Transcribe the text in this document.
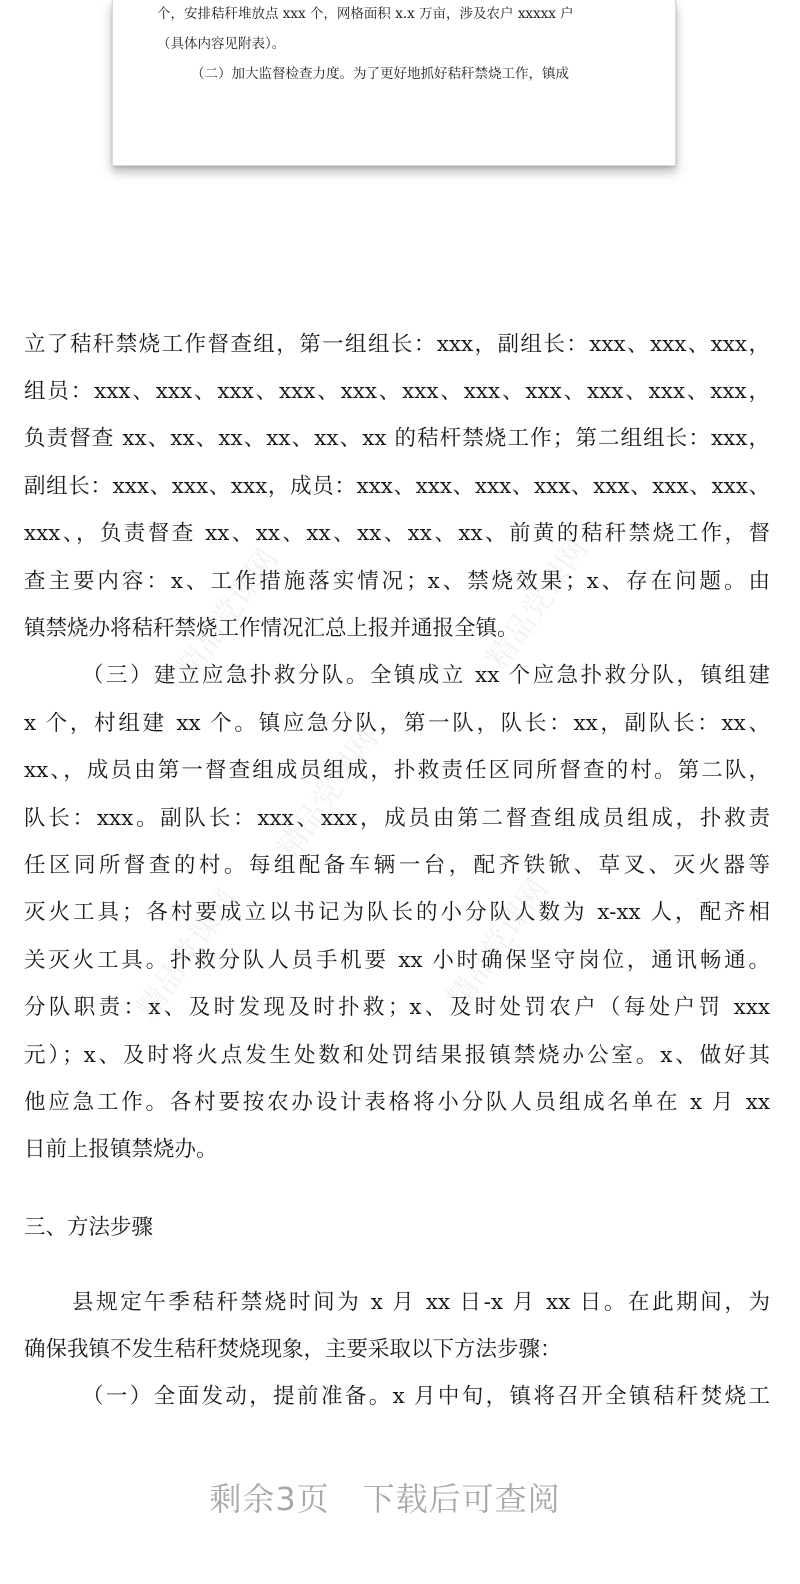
个，安排秸秆堆放点 xxx 个，网格面积 x.x 万亩，涉及农户 xxxxx 户
（具体内容见附表）。
（二）加大监督检查力度。为了更好地抓好秸秆禁烧工作，镇成
精品党课网	精品党课网
精品党课网
精品党课网	精品党课网
立了秸秆禁烧工作督查组，第一组组长：xxx，副组长：xxx、xxx、xxx，
组员：xxx、xxx、xxx、xxx、xxx、xxx、xxx、xxx、xxx、xxx、xxx，
负责督查 xx、xx、xx、xx、xx、xx 的秸杆禁烧工作；第二组组长：xxx，
副组长：xxx、xxx、xxx，成员：xxx、xxx、xxx、xxx、xxx、xxx、xxx、
xxx、，负责督查 xx、xx、xx、xx、xx、xx、前黄的秸秆禁烧工作，督
查主要内容：x、工作措施落实情况；x、禁烧效果；x、存在问题。由
镇禁烧办将秸秆禁烧工作情况汇总上报并通报全镇。
（三）建立应急扑救分队。全镇成立 xx 个应急扑救分队，镇组建
x 个，村组建 xx 个。镇应急分队，第一队，队长：xx，副队长：xx、
xx、，成员由第一督查组成员组成，扑救责任区同所督查的村。第二队，
队长：xxx。副队长：xxx、xxx，成员由第二督查组成员组成，扑救责
任区同所督查的村。每组配备车辆一台，配齐铁锨、草叉、灭火器等
灭火工具；各村要成立以书记为队长的小分队人数为 x-xx 人，配齐相
关灭火工具。扑救分队人员手机要 xx 小时确保坚守岗位，通讯畅通。
分队职责：x、及时发现及时扑救；x、及时处罚农户（每处户罚 xxx
元）；x、及时将火点发生处数和处罚结果报镇禁烧办公室。x、做好其
他应急工作。各村要按农办设计表格将小分队人员组成名单在 x 月 xx
日前上报镇禁烧办。
三、方法步骤
县规定午季秸秆禁烧时间为 x 月 xx 日-x 月 xx 日。在此期间，为
确保我镇不发生秸秆焚烧现象，主要采取以下方法步骤：
（一）全面发动，提前准备。x 月中旬，镇将召开全镇秸秆焚烧工
剩余3页　下载后可查阅
